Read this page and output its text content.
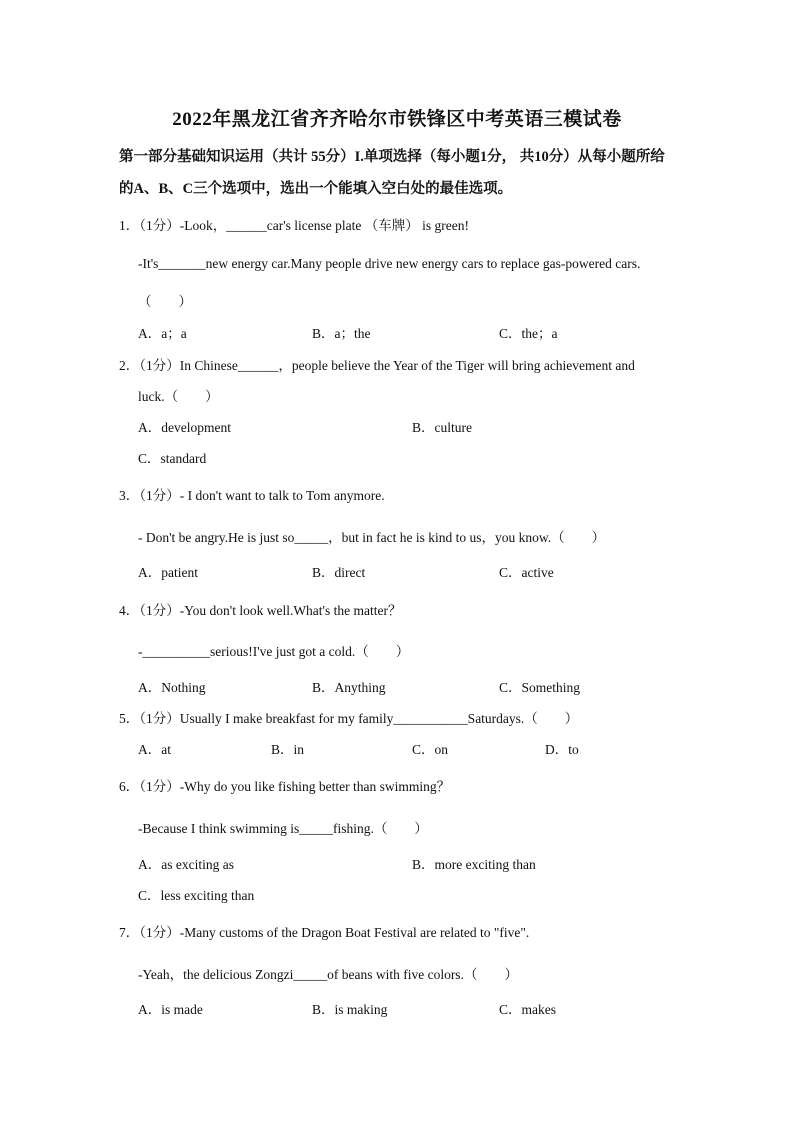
2022年黑龙江省齐齐哈尔市铁锋区中考英语三模试卷
第一部分基础知识运用（共计 55分）I.单项选择（每小题1分， 共10分）从每小题所给
的A、B、C三个选项中，选出一个能填入空白处的最佳选项。
1．（1分）-Look，______car's license plate （车牌） is green!
-It's_______new energy car.Many people drive new energy cars to replace gas-powered cars.
（　　）
A．a；a	B．a；the	C．the；a
2．（1分）In Chinese______，people believe the Year of the Tiger will bring achievement and
luck.（　　）
A．development	B．culture
C．standard
3．（1分）- I don't want to talk to Tom anymore.
- Don't be angry.He is just so_____，but in fact he is kind to us，you know.（　　）
A．patient	B．direct	C．active
4．（1分）-You don't look well.What's the matter？
-__________serious!I've just got a cold.（　　）
A．Nothing	B．Anything	C．Something
5．（1分）Usually I make breakfast for my family___________Saturdays.（　　）
A．at	B．in	C．on	D．to
6．（1分）-Why do you like fishing better than swimming？
-Because I think swimming is_____fishing.（　　）
A．as exciting as	B．more exciting than
C．less exciting than
7．（1分）-Many customs of the Dragon Boat Festival are related to "five".
-Yeah，the delicious Zongzi_____of beans with five colors.（　　）
A．is made	B．is making	C．makes
